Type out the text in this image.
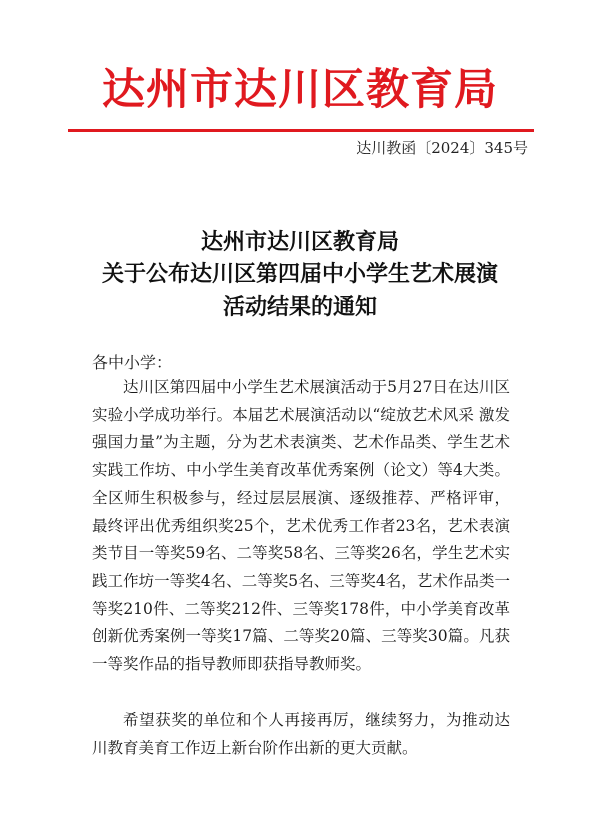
达州市达川区教育局
达川教函〔2024〕345号
达州市达川区教育局
关于公布达川区第四届中小学生艺术展演
活动结果的通知
各中小学：
达川区第四届中小学生艺术展演活动于5月27日在达川区实验小学成功举行。本届艺术展演活动以“绽放艺术风采 激发强国力量”为主题，分为艺术表演类、艺术作品类、学生艺术实践工作坊、中小学生美育改革优秀案例（论文）等4大类。全区师生积极参与，经过层层展演、逐级推荐、严格评审，最终评出优秀组织奖25个，艺术优秀工作者23名，艺术表演类节目一等奖59名、二等奖58名、三等奖26名，学生艺术实践工作坊一等奖4名、二等奖5名、三等奖4名，艺术作品类一等奖210件、二等奖212件、三等奖178件，中小学美育改革创新优秀案例一等奖17篇、二等奖20篇、三等奖30篇。凡获一等奖作品的指导教师即获指导教师奖。
希望获奖的单位和个人再接再厉，继续努力，为推动达川教育美育工作迈上新台阶作出新的更大贡献。
